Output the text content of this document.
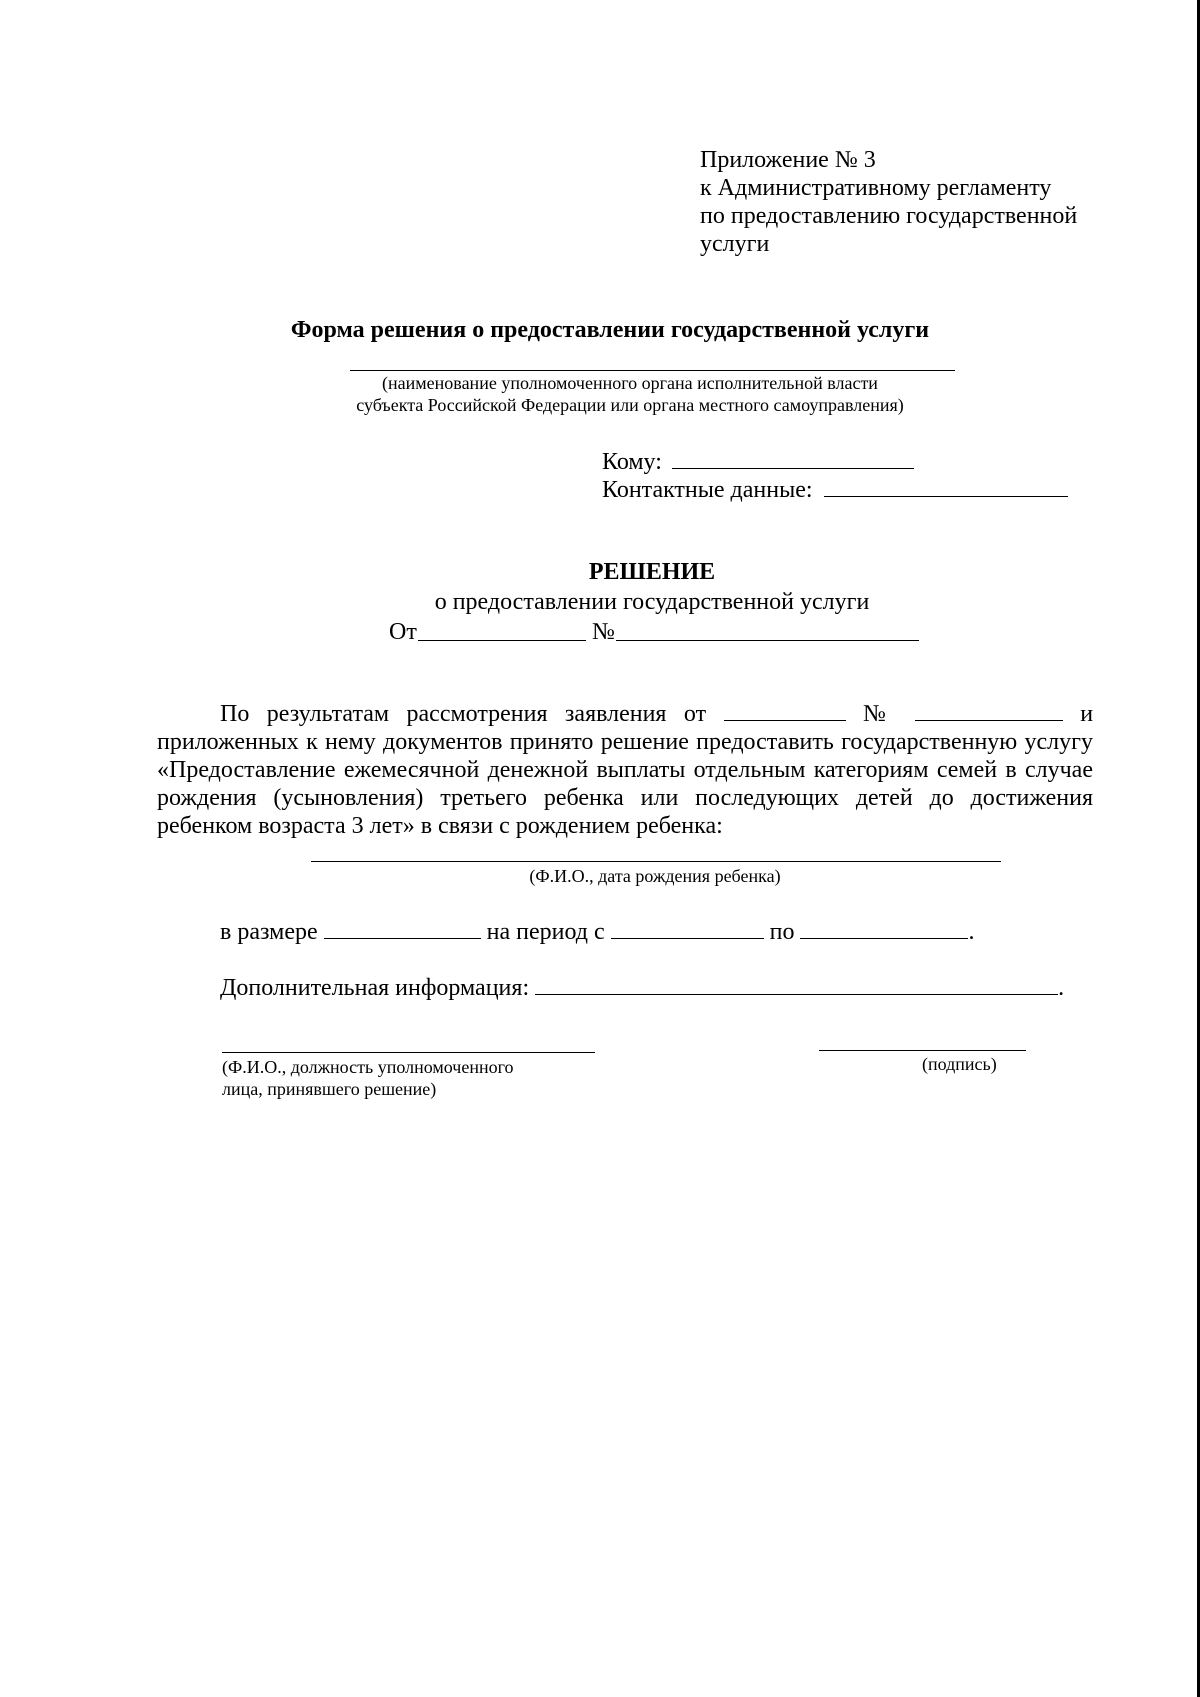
Приложение № 3
к Административному регламенту
по предоставлению государственной
услуги
Форма решения о предоставлении государственной услуги
(наименование уполномоченного органа исполнительной власти
субъекта Российской Федерации или органа местного самоуправления)
Кому:
Контактные данные:
РЕШЕНИЕ
о предоставлении государственной услуги
От	№
По результатам рассмотрения заявления от	№	и
приложенных к нему документов принято решение предоставить государственную услугу
«Предоставление ежемесячной денежной выплаты отдельным категориям семей в случае
рождения (усыновления) третьего ребенка или последующих детей до достижения
ребенком возраста 3 лет» в связи с рождением ребенка:
(Ф.И.О., дата рождения ребенка)
в размере	на период с	по	.
Дополнительная информация:	.
(Ф.И.О., должность уполномоченного
лица, принявшего решение)
(подпись)
